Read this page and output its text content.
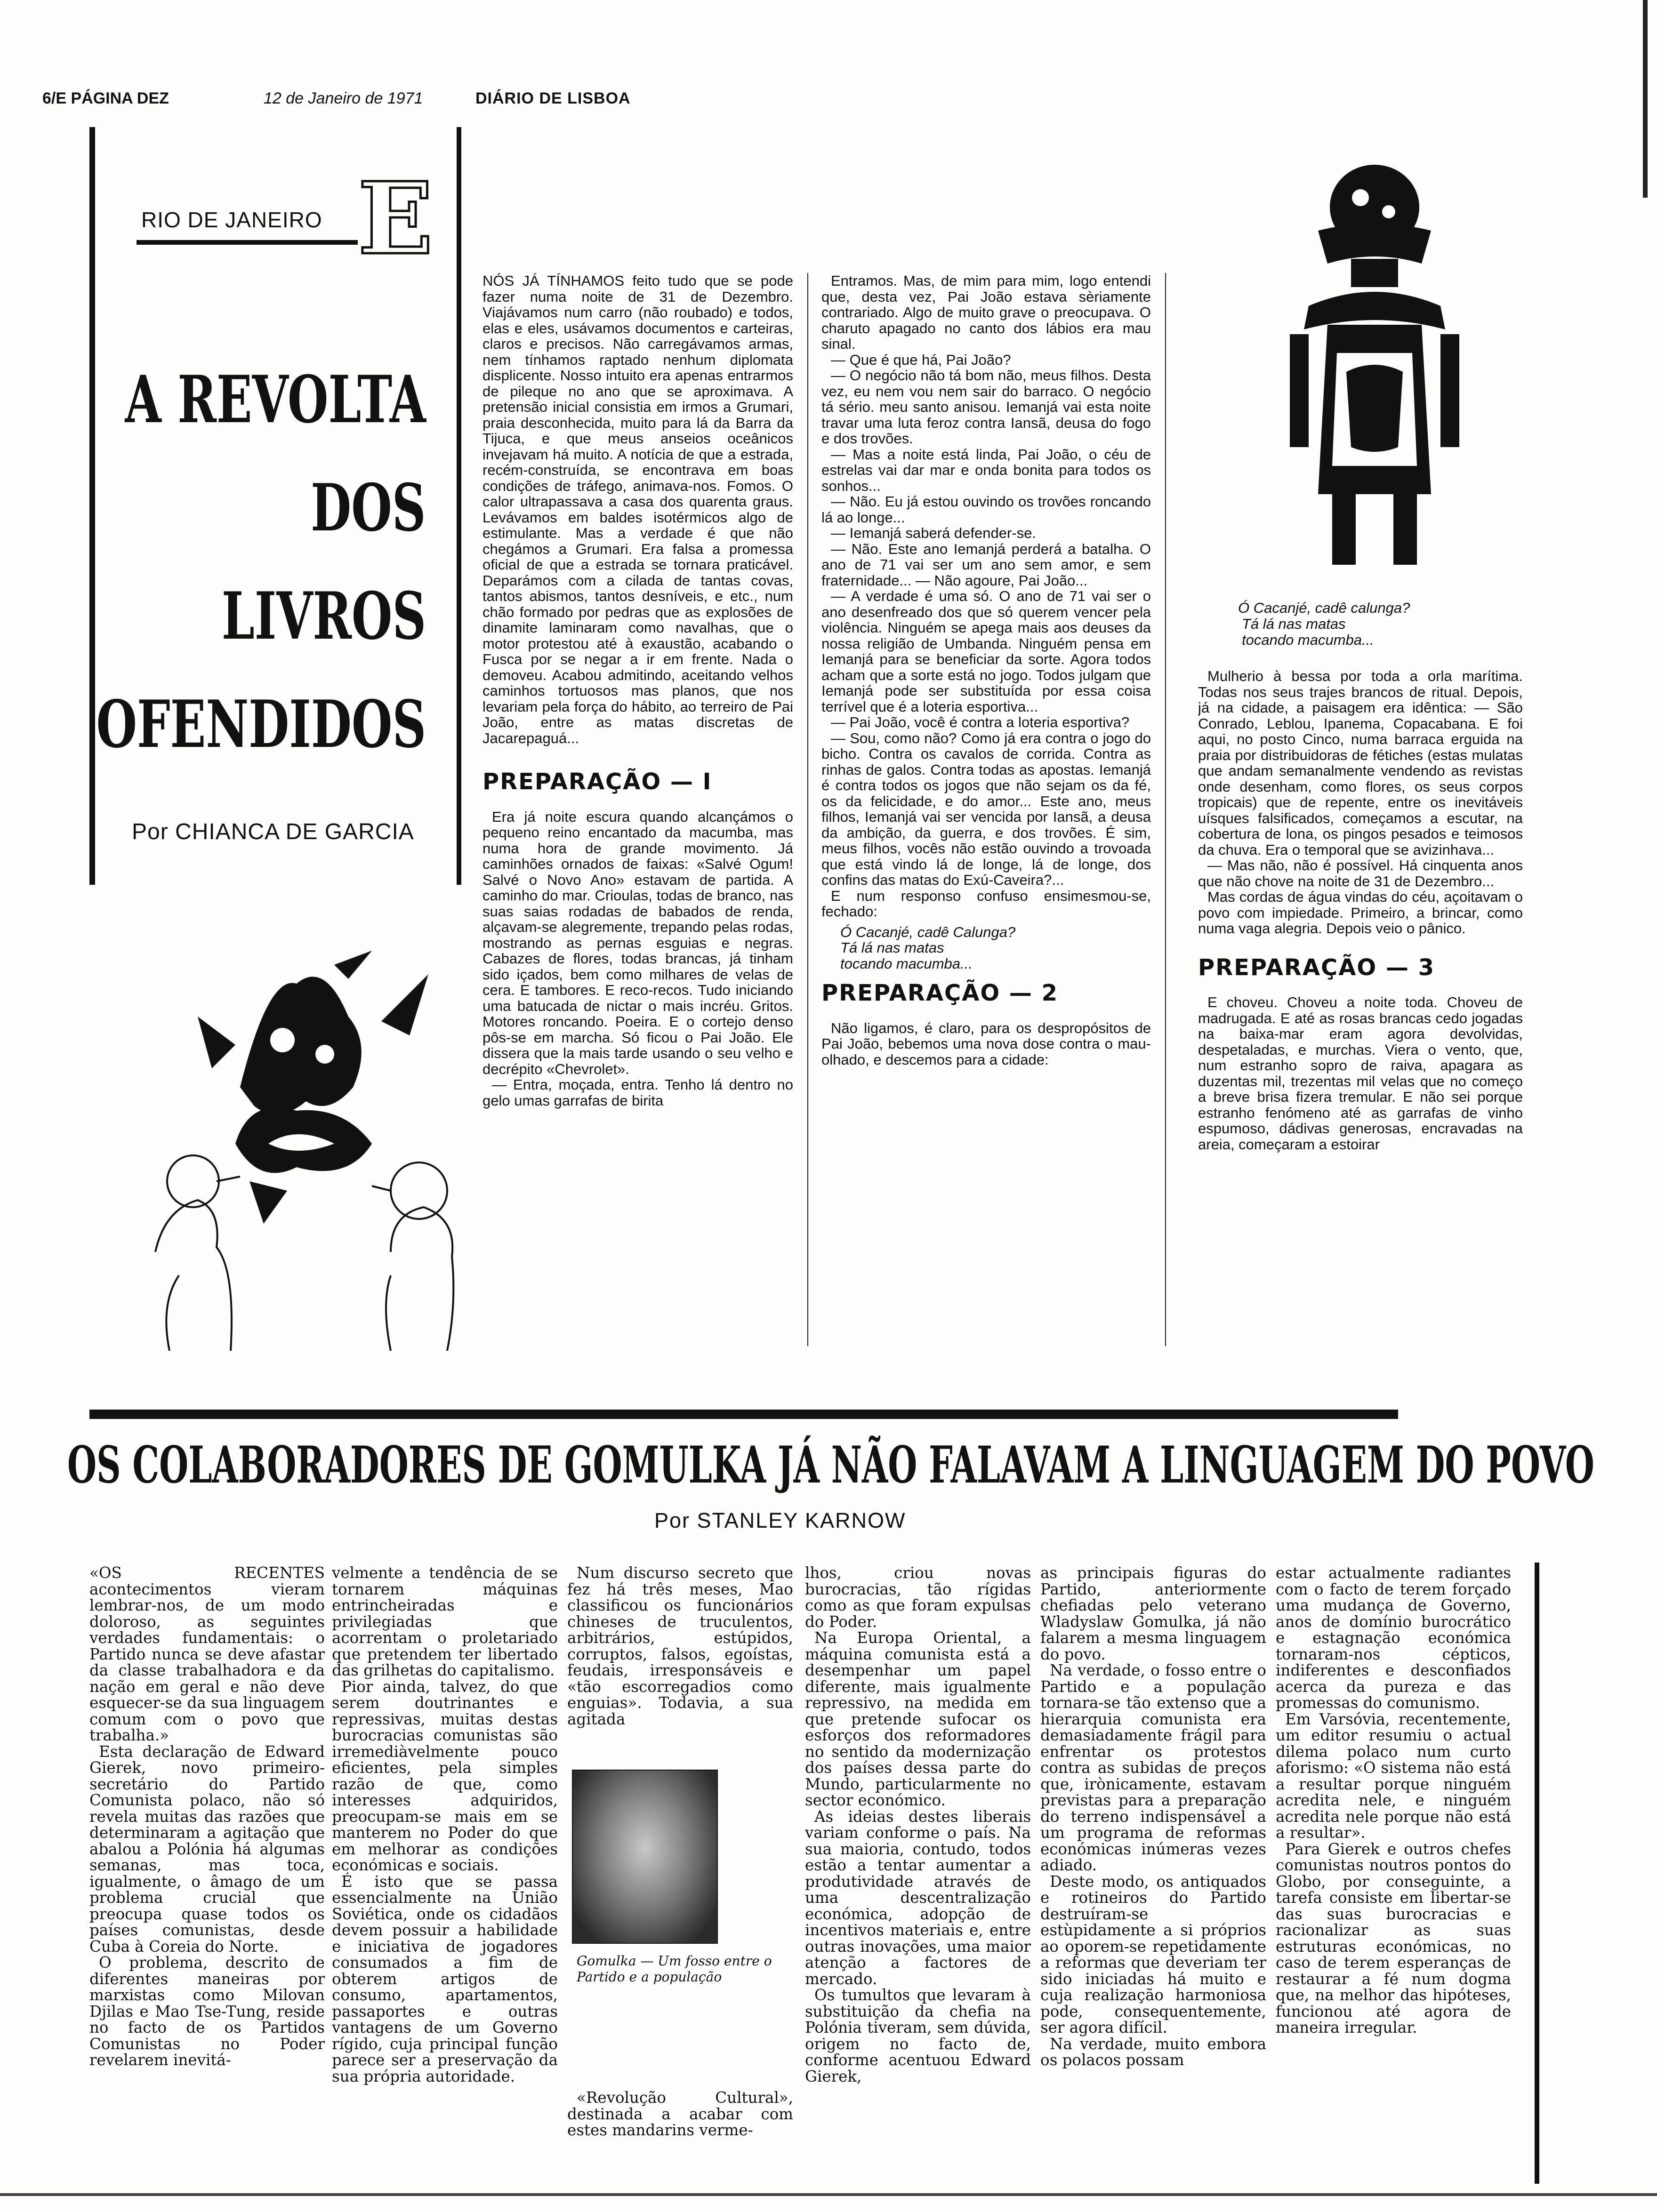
6/E PÁGINA DEZ	12 de Janeiro de 1971	DIÁRIO DE LISBOA
RIO DE JANEIRO E
A REVOLTA
DOS
LIVROS
OFENDIDOS
Por CHIANCA DE GARCIA

NÓS JÁ TÍNHAMOS feito tudo que se pode fazer numa noite de 31 de Dezembro. Viajávamos num carro (não roubado) e todos, elas e eles, usávamos documentos e carteiras, claros e precisos. Não carregávamos armas, nem tínhamos raptado nenhum diplomata displicente. Nosso intuito era apenas entrarmos de pileque no ano que se aproximava. A pretensão inicial consistia em irmos a Grumari, praia desconhecida, muito para lá da Barra da Tijuca, e que meus anseios oceânicos invejavam há muito. A notícia de que a estrada, recém-construída, se encontrava em boas condições de tráfego, animava-nos. Fomos. O calor ultrapassava a casa dos quarenta graus. Levávamos em baldes isotérmicos algo de estimulante. Mas a verdade é que não chegámos a Grumari. Era falsa a promessa oficial de que a estrada se tornara praticável. Deparámos com a cilada de tantas covas, tantos abismos, tantos desníveis, e etc., num chão formado por pedras que as explosões de dinamite laminaram como navalhas, que o motor protestou até à exaustão, acabando o Fusca por se negar a ir em frente. Nada o demoveu. Acabou admitindo, aceitando velhos caminhos tortuosos mas planos, que nos levariam pela força do hábito, ao terreiro de Pai João, entre as matas discretas de Jacarepaguá...

PREPARAÇÃO — I

Era já noite escura quando alcançámos o pequeno reino encantado da macumba, mas numa hora de grande movimento. Já caminhões ornados de faixas: «Salvé Ogum! Salvé o Novo Ano» estavam de partida. A caminho do mar. Crioulas, todas de branco, nas suas saias rodadas de babados de renda, alçavam-se alegremente, trepando pelas rodas, mostrando as pernas esguias e negras. Cabazes de flores, todas brancas, já tinham sido içados, bem como milhares de velas de cera. E tambores. E reco-recos. Tudo iniciando uma batucada de nictar o mais incréu. Gritos. Motores roncando. Poeira. E o cortejo denso pôs-se em marcha. Só ficou o Pai João. Ele dissera que la mais tarde usando o seu velho e decrépito «Chevrolet».

— Entra, moçada, entra. Tenho lá dentro no gelo umas garrafas de birita

Entramos. Mas, de mim para mim, logo entendi que, desta vez, Pai João estava sèriamente contrariado. Algo de muito grave o preocupava. O charuto apagado no canto dos lábios era mau sinal.

— Que é que há, Pai João?

— O negócio não tá bom não, meus filhos. Desta vez, eu nem vou nem sair do barraco. O negócio tá sério. meu santo anisou. Iemanjá vai esta noite travar uma luta feroz contra Iansã, deusa do fogo e dos trovões.

— Mas a noite está linda, Pai João, o céu de estrelas vai dar mar e onda bonita para todos os sonhos...

— Não. Eu já estou ouvindo os trovões roncando lá ao longe...

— Iemanjá saberá defender-se.

— Não. Este ano Iemanjá perderá a batalha. O ano de 71 vai ser um ano sem amor, e sem fraternidade... — Não agoure, Pai João...

— A verdade é uma só. O ano de 71 vai ser o ano desenfreado dos que só querem vencer pela violência. Ninguém se apega mais aos deuses da nossa religião de Umbanda. Ninguém pensa em Iemanjá para se beneficiar da sorte. Agora todos acham que a sorte está no jogo. Todos julgam que Iemanjá pode ser substituída por essa coisa terrível que é a loteria esportiva...

— Pai João, você é contra a loteria esportiva?

— Sou, como não? Como já era contra o jogo do bicho. Contra os cavalos de corrida. Contra as rinhas de galos. Contra todas as apostas. Iemanjá é contra todos os jogos que não sejam os da fé, os da felicidade, e do amor... Este ano, meus filhos, Iemanjá vai ser vencida por Iansã, a deusa da ambição, da guerra, e dos trovões. É sim, meus filhos, vocês não estão ouvindo a trovoada que está vindo lá de longe, lá de longe, dos confins das matas do Exú-Caveira?...

E num responso confuso ensimesmou-se, fechado:

Ó Cacanjé, cadê Calunga?
Tá lá nas matas
tocando macumba...
PREPARAÇÃO — 2

Não ligamos, é claro, para os despropósitos de Pai João, bebemos uma nova dose contra o mau-olhado, e descemos para a cidade:

Ó Cacanjé, cadê calunga?
Tá lá nas matas
tocando macumba...

Mulherio à bessa por toda a orla marítima. Todas nos seus trajes brancos de ritual. Depois, já na cidade, a paisagem era idêntica: — São Conrado, Leblou, Ipanema, Copacabana. E foi aqui, no posto Cinco, numa barraca erguida na praia por distribuidoras de fétiches (estas mulatas que andam semanalmente vendendo as revistas onde desenham, como flores, os seus corpos tropicais) que de repente, entre os inevitáveis uísques falsificados, começamos a escutar, na cobertura de lona, os pingos pesados e teimosos da chuva. Era o temporal que se avizinhava...

— Mas não, não é possível. Há cinquenta anos que não chove na noite de 31 de Dezembro...

Mas cordas de água vindas do céu, açoitavam o povo com impiedade. Primeiro, a brincar, como numa vaga alegria. Depois veio o pânico.

PREPARAÇÃO — 3

E choveu. Choveu a noite toda. Choveu de madrugada. E até as rosas brancas cedo jogadas na baixa-mar eram agora devolvidas, despetaladas, e murchas. Viera o vento, que, num estranho sopro de raiva, apagara as duzentas mil, trezentas mil velas que no começo a breve brisa fizera tremular. E não sei porque estranho fenómeno até as garrafas de vinho espumoso, dádivas generosas, encravadas na areia, começaram a estoirar

OS COLABORADORES DE GOMULKA JÁ NÃO FALAVAM A LINGUAGEM DO POVO
Por STANLEY KARNOW

«OS RECENTES acontecimentos vieram lembrar-nos, de um modo doloroso, as seguintes verdades fundamentais: o Partido nunca se deve afastar da classe trabalhadora e da nação em geral e não deve esquecer-se da sua linguagem comum com o povo que trabalha.»

Esta declaração de Edward Gierek, novo primeiro-secretário do Partido Comunista polaco, não só revela muitas das razões que determinaram a agitação que abalou a Polónia há algumas semanas, mas toca, igualmente, o âmago de um problema crucial que preocupa quase todos os países comunistas, desde Cuba à Coreia do Norte.

O problema, descrito de diferentes maneiras por marxistas como Milovan Djilas e Mao Tse-Tung, reside no facto de os Partidos Comunistas no Poder revelarem inevitá-

velmente a tendência de se tornarem máquinas entrincheiradas e privilegiadas que acorrentam o proletariado que pretendem ter libertado das grilhetas do capitalismo.

Pior ainda, talvez, do que serem doutrinantes e repressivas, muitas destas burocracias comunistas são irremediàvelmente pouco eficientes, pela simples razão de que, como interesses adquiridos, preocupam-se mais em se manterem no Poder do que em melhorar as condições económicas e sociais.

É isto que se passa essencialmente na União Soviética, onde os cidadãos devem possuir a habilidade e iniciativa de jogadores consumados a fim de obterem artigos de consumo, apartamentos, passaportes e outras vantagens de um Governo rígido, cuja principal função parece ser a preservação da sua própria autoridade.

Num discurso secreto que fez há três meses, Mao classificou os funcionários chineses de truculentos, arbitrários, estúpidos, corruptos, falsos, egoístas, feudais, irresponsáveis e «tão escorregadios como enguias». Todavia, a sua agitada

Gomulka — Um fosso entre o Partido e a população

«Revolução Cultural», destinada a acabar com estes mandarins verme-

lhos, criou novas burocracias, tão rígidas como as que foram expulsas do Poder.

Na Europa Oriental, a máquina comunista está a desempenhar um papel diferente, mais igualmente repressivo, na medida em que pretende sufocar os esforços dos reformadores no sentido da modernização dos países dessa parte do Mundo, particularmente no sector económico.

As ideias destes liberais variam conforme o país. Na sua maioria, contudo, todos estão a tentar aumentar a produtividade através de uma descentralização económica, adopção de incentivos materiais e, entre outras inovações, uma maior atenção a factores de mercado.

Os tumultos que levaram à substituição da chefia na Polónia tiveram, sem dúvida, origem no facto de, conforme acentuou Edward Gierek,

as principais figuras do Partido, anteriormente chefiadas pelo veterano Wladyslaw Gomulka, já não falarem a mesma linguagem do povo.

Na verdade, o fosso entre o Partido e a população tornara-se tão extenso que a hierarquia comunista era demasiadamente frágil para enfrentar os protestos contra as subidas de preços que, irònicamente, estavam previstas para a preparação do terreno indispensável a um programa de reformas económicas inúmeras vezes adiado.

Deste modo, os antiquados e rotineiros do Partido destruíram-se estùpidamente a si próprios ao oporem-se repetidamente a reformas que deveriam ter sido iniciadas há muito e cuja realização harmoniosa pode, consequentemente, ser agora difícil.

Na verdade, muito embora os polacos possam

estar actualmente radiantes com o facto de terem forçado uma mudança de Governo, anos de domínio burocrático e estagnação económica tornaram-nos cépticos, indiferentes e desconfiados acerca da pureza e das promessas do comunismo.

Em Varsóvia, recentemente, um editor resumiu o actual dilema polaco num curto aforismo: «O sistema não está a resultar porque ninguém acredita nele, e ninguém acredita nele porque não está a resultar».

Para Gierek e outros chefes comunistas noutros pontos do Globo, por conseguinte, a tarefa consiste em libertar-se das suas burocracias e racionalizar as suas estruturas económicas, no caso de terem esperanças de restaurar a fé num dogma que, na melhor das hipóteses, funcionou até agora de maneira irregular.
